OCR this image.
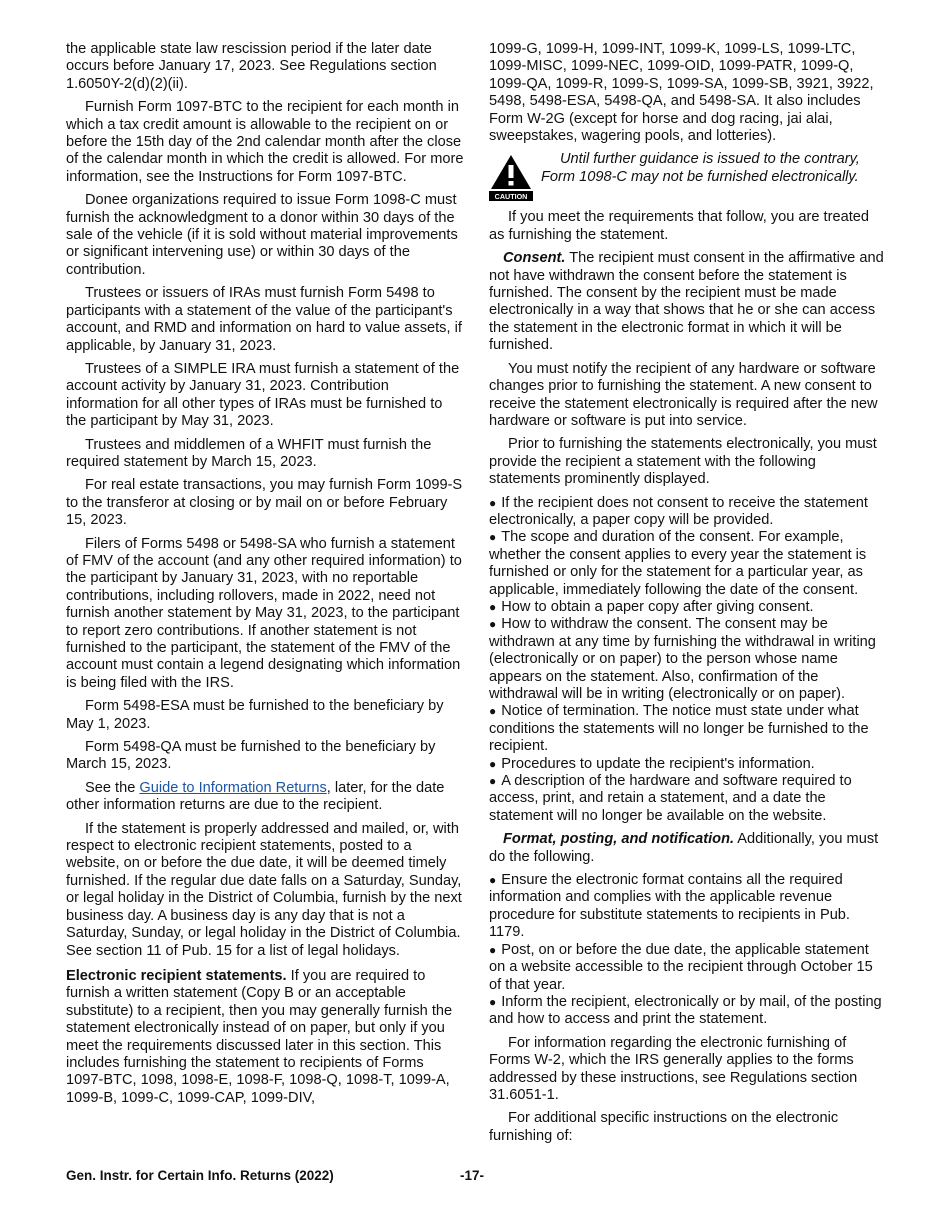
the applicable state law rescission period if the later date occurs before January 17, 2023. See Regulations section 1.6050Y-2(d)(2)(ii).

Furnish Form 1097-BTC to the recipient for each month in which a tax credit amount is allowable to the recipient on or before the 15th day of the 2nd calendar month after the close of the calendar month in which the credit is allowed. For more information, see the Instructions for Form 1097-BTC.

Donee organizations required to issue Form 1098-C must furnish the acknowledgment to a donor within 30 days of the sale of the vehicle (if it is sold without material improvements or significant intervening use) or within 30 days of the contribution.

Trustees or issuers of IRAs must furnish Form 5498 to participants with a statement of the value of the participant's account, and RMD and information on hard to value assets, if applicable, by January 31, 2023.

Trustees of a SIMPLE IRA must furnish a statement of the account activity by January 31, 2023. Contribution information for all other types of IRAs must be furnished to the participant by May 31, 2023.

Trustees and middlemen of a WHFIT must furnish the required statement by March 15, 2023.

For real estate transactions, you may furnish Form 1099-S to the transferor at closing or by mail on or before February 15, 2023.

Filers of Forms 5498 or 5498-SA who furnish a statement of FMV of the account (and any other required information) to the participant by January 31, 2023, with no reportable contributions, including rollovers, made in 2022, need not furnish another statement by May 31, 2023, to the participant to report zero contributions. If another statement is not furnished to the participant, the statement of the FMV of the account must contain a legend designating which information is being filed with the IRS.

Form 5498-ESA must be furnished to the beneficiary by May 1, 2023.

Form 5498-QA must be furnished to the beneficiary by March 15, 2023.

See the Guide to Information Returns, later, for the date other information returns are due to the recipient.

If the statement is properly addressed and mailed, or, with respect to electronic recipient statements, posted to a website, on or before the due date, it will be deemed timely furnished. If the regular due date falls on a Saturday, Sunday, or legal holiday in the District of Columbia, furnish by the next business day. A business day is any day that is not a Saturday, Sunday, or legal holiday in the District of Columbia. See section 11 of Pub. 15 for a list of legal holidays.

Electronic recipient statements. If you are required to furnish a written statement (Copy B or an acceptable substitute) to a recipient, then you may generally furnish the statement electronically instead of on paper, but only if you meet the requirements discussed later in this section. This includes furnishing the statement to recipients of Forms 1097-BTC, 1098, 1098-E, 1098-F, 1098-Q, 1098-T, 1099-A, 1099-B, 1099-C, 1099-CAP, 1099-DIV,

1099-G, 1099-H, 1099-INT, 1099-K, 1099-LS, 1099-LTC, 1099-MISC, 1099-NEC, 1099-OID, 1099-PATR, 1099-Q, 1099-QA, 1099-R, 1099-S, 1099-SA, 1099-SB, 3921, 3922, 5498, 5498-ESA, 5498-QA, and 5498-SA. It also includes Form W-2G (except for horse and dog racing, jai alai, sweepstakes, wagering pools, and lotteries).

CAUTION

Until further guidance is issued to the contrary, Form 1098-C may not be furnished electronically.

If you meet the requirements that follow, you are treated as furnishing the statement.

Consent. The recipient must consent in the affirmative and not have withdrawn the consent before the statement is furnished. The consent by the recipient must be made electronically in a way that shows that he or she can access the statement in the electronic format in which it will be furnished.

You must notify the recipient of any hardware or software changes prior to furnishing the statement. A new consent to receive the statement electronically is required after the new hardware or software is put into service.

Prior to furnishing the statements electronically, you must provide the recipient a statement with the following statements prominently displayed.

● If the recipient does not consent to receive the statement electronically, a paper copy will be provided.

● The scope and duration of the consent. For example, whether the consent applies to every year the statement is furnished or only for the statement for a particular year, as applicable, immediately following the date of the consent.

● How to obtain a paper copy after giving consent.

● How to withdraw the consent. The consent may be withdrawn at any time by furnishing the withdrawal in writing (electronically or on paper) to the person whose name appears on the statement. Also, confirmation of the withdrawal will be in writing (electronically or on paper).

● Notice of termination. The notice must state under what conditions the statements will no longer be furnished to the recipient.

● Procedures to update the recipient's information.

● A description of the hardware and software required to access, print, and retain a statement, and a date the statement will no longer be available on the website.

Format, posting, and notification. Additionally, you must do the following.

● Ensure the electronic format contains all the required information and complies with the applicable revenue procedure for substitute statements to recipients in Pub. 1179.

● Post, on or before the due date, the applicable statement on a website accessible to the recipient through October 15 of that year.

● Inform the recipient, electronically or by mail, of the posting and how to access and print the statement.

For information regarding the electronic furnishing of Forms W-2, which the IRS generally applies to the forms addressed by these instructions, see Regulations section 31.6051-1.

For additional specific instructions on the electronic furnishing of:

Gen. Instr. for Certain Info. Returns (2022)	-17-
